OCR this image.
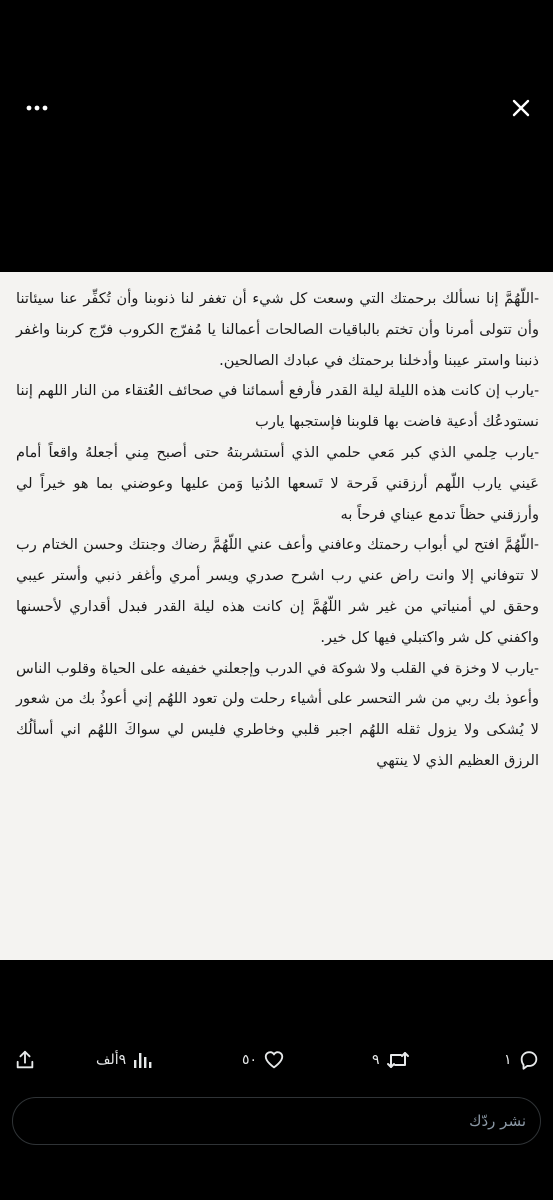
-اللّهُمَّ إنا نسألك برحمتك التي وسعت كل شيء أن تغفر لنا ذنوبنا وأن تُكفِّر عنا سيئاتنا وأن تتولى أمرنا وأن تختم بالباقيات الصالحات أعمالنا يا مُفرّج الكروب فرّج كربنا واغفر ذنبنا واستر عيبنا وأدخلنا برحمتك في عبادك الصالحين.

-يارب إن كانت هذه الليلة ليلة القدر فأرفع أسمائنا في صحائف العُتقاء من النار اللهم إننا نستودعُك أدعية فاضت بها قلوبنا فإستجبها يارب

-يارب حِلمي الذي كبر مَعي حلمي الذي أستشربتهُ حتى أصبح مِني أجعلهُ واقعاً أمام عَيني يارب اللّهم أرزقني فَرحة لا تَسعها الدُنيا وَمن عليها وعوضني بما هو خيراً لي وأرزقني حظاً تدمع عيناي فرحاً به

-اللّهُمَّ افتح لي أبواب رحمتك وعافني وأعف عني اللّهُمَّ رضاك وجنتك وحسن الختام رب لا تتوفاني إلا وانت راض عني رب اشرح صدري ويسر أمري وأغفر ذنبي وأستر عيبي وحقق لي أمنياتي من غير شر اللّهُمَّ إن كانت هذه ليلة القدر فبدل أقداري لأحسنها واكفني كل شر واكتبلي فيها كل خير.

-يارب لا وخزة في القلب ولا شوكة في الدرب وإجعلني خفيفه على الحياة وقلوب الناس وأعوذ بك ربي من شر التحسر على أشياء رحلت ولن تعود اللهُم إني أعوذُ بك من شعور لا يُشكى ولا يزول ثقله اللهُم اجبر قلبي وخاطري فليس لي سواكَ اللهُم اني أسألُك الرزق العظيم الذي لا ينتهي

٩ألف	٥٠	٩	١
نشر ردّك
